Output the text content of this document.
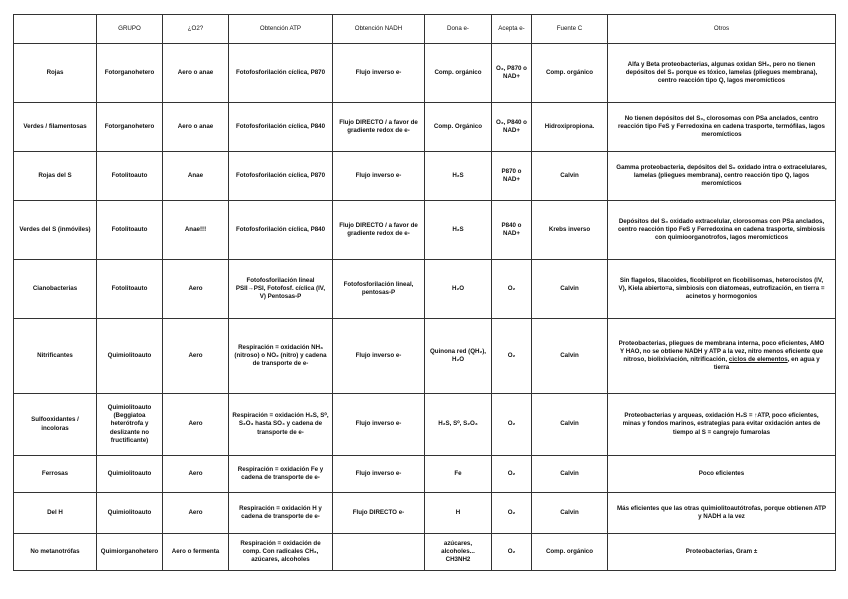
	GRUPO	¿O2?	Obtención ATP	Obtención NADH	Dona e-	Acepta e-	Fuente C	Otros
Rojas	Fotorganohetero	Aero o anae	Fotofosforilación cíclica, P870	Flujo inverso e-	Comp. orgánico	O₂, P870 o NAD+	Comp. orgánico	Alfa y Beta proteobacterias, algunas oxidan SH₂, pero no tienen depósitos del S₀ porque es tóxico, lamelas (pliegues membrana), centro reacción tipo Q, lagos meromícticos
Verdes / filamentosas	Fotorganohetero	Aero o anae	Fotofosforilación cíclica, P840	Flujo DIRECTO / a favor de gradiente redox de e-	Comp. Orgánico	O₂, P840 o NAD+	Hidroxipropiona.	No tienen depósitos del S₀, clorosomas con PSa anclados, centro reacción tipo FeS y Ferredoxina en cadena trasporte, termófilas, lagos meromícticos
Rojas del S	Fotolitoauto	Anae	Fotofosforilación cíclica, P870	Flujo inverso e-	H₂S	P870 o NAD+	Calvin	Gamma proteobacteria, depósitos del S₀ oxidado intra o extracelulares, lamelas (pliegues membrana), centro reacción tipo Q, lagos meromícticos
Verdes del S (inmóviles)	Fotolitoauto	Anae!!!	Fotofosforilación cíclica, P840	Flujo DIRECTO / a favor de gradiente redox de e-	H₂S	P840 o NAD+	Krebs inverso	Depósitos del S₀ oxidado extracelular, clorosomas con PSa anclados, centro reacción tipo FeS y Ferredoxina en cadena trasporte, simbiosis con quimioorganotrofos, lagos meromícticos
Cianobacterias	Fotolitoauto	Aero	Fotofosforilación lineal PSII→PSI, Fotofosf. cíclica (IV, V) Pentosas-P	Fotofosforilación lineal, pentosas-P	H₂O	O₂	Calvin	Sin flagelos, tilacoides, ficobiliprot en ficobilisomas, heterocistos (IV, V), Kiela abierto=a, simbiosis con diatomeas, eutrofización, en tierra = acinetos y hormogonios
Nitrificantes	Quimiolitoauto	Aero	Respiración = oxidación NH₃ (nitroso) o NO₂ (nitro) y cadena de transporte de e-	Flujo inverso e-	Quinona red (QH₂), H₂O	O₂	Calvin	Proteobacterias, pliegues de membrana interna, poco eficientes, AMO Y HAO, no se obtiene NADH y ATP a la vez, nitro menos eficiente que nitroso, biolixiviación, nitrificación, ciclos de elementos, en agua y tierra
Sulfooxidantes / incoloras	Quimiolitoauto (Beggiatoa heterótrofa y deslizante no fructificante)	Aero	Respiración = oxidación H₂S, S⁰, S₂O₃ hasta SO₄ y cadena de transporte de e-	Flujo inverso e-	H₂S, S⁰, S₂O₃	O₂	Calvin	Proteobacterias y arqueas, oxidación H₂S = ↑ATP, poco eficientes, minas y fondos marinos, estrategias para evitar oxidación antes de tiempo al S = cangrejo fumarolas
Ferrosas	Quimiolitoauto	Aero	Respiración = oxidación Fe y cadena de transporte de e-	Flujo inverso e-	Fe	O₂	Calvin	Poco eficientes
Del H	Quimiolitoauto	Aero	Respiración = oxidación H y cadena de transporte de e-	Flujo DIRECTO e-	H	O₂	Calvin	Más eficientes que las otras quimiolitoautótrofas, porque obtienen ATP y NADH a la vez
No metanotrófas	Quimiorganohetero	Aero o fermenta	Respiración = oxidación de comp. Con radicales CH₃, azúcares, alcoholes		azúcares, alcoholes... CH3NH2	O₂	Comp. orgánico	Proteobacterias, Gram ±
